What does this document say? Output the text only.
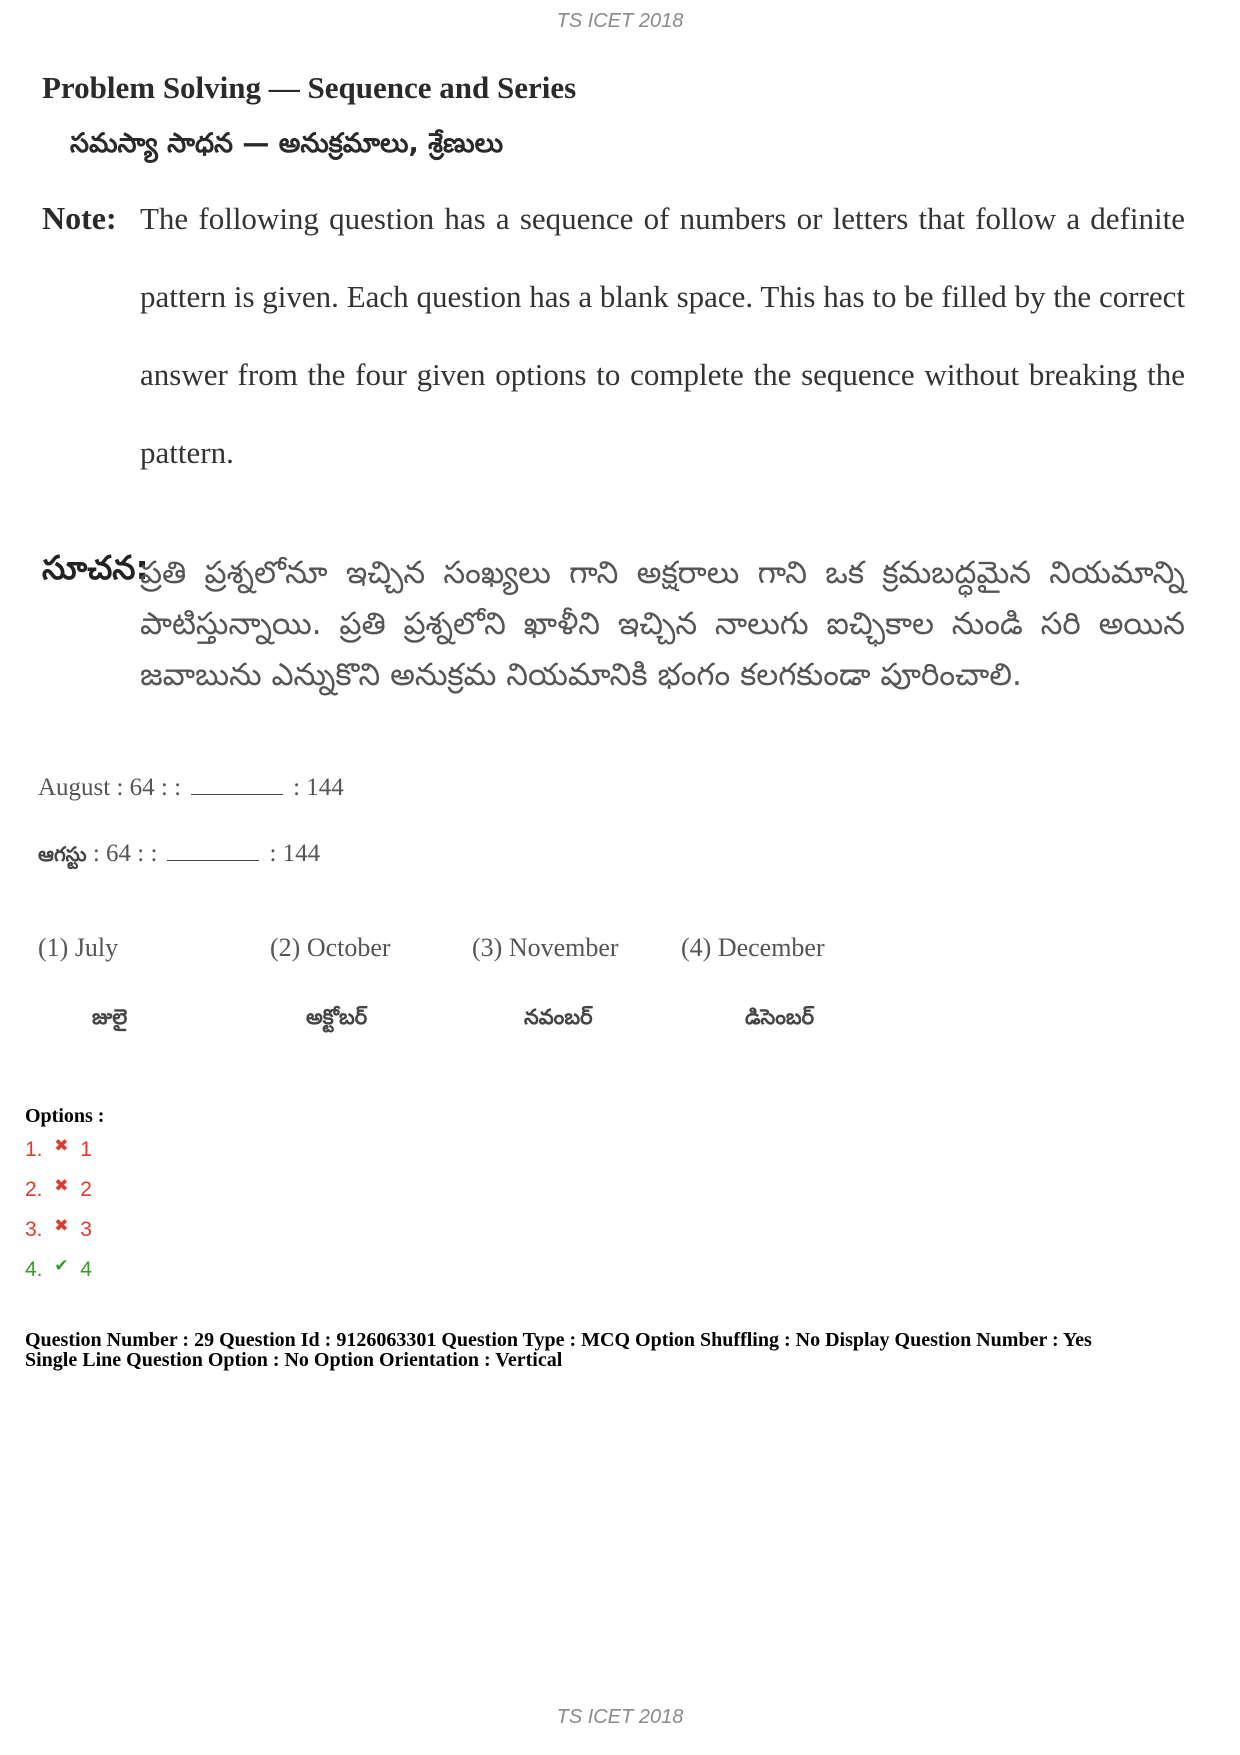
TS ICET 2018
Problem Solving — Sequence and Series
సమస్యా సాధన — అనుక్రమాలు, శ్రేణులు
Note: The following question has a sequence of numbers or letters that follow a definite pattern is given. Each question has a blank space. This has to be filled by the correct answer from the four given options to complete the sequence without breaking the pattern.
సూచన:
ప్రతి ప్రశ్నలోనూ ఇచ్చిన సంఖ్యలు గాని అక్షరాలు గాని ఒక క్రమబద్ధమైన నియమాన్ని పాటిస్తున్నాయి. ప్రతి ప్రశ్నలోని ఖాళీని ఇచ్చిన నాలుగు ఐచ్ఛికాల నుండి సరి అయిన జవాబును ఎన్నుకొని అనుక్రమ నియమానికి భంగం కలగకుండా పూరించాలి.
August : 64 : :	: 144
ఆగస్టు : 64 : :	: 144
(1) July	(2) October	(3) November (4) December
జులై	అక్టోబర్	నవంబర్	డిసెంబర్
Options :
1. ✖ 1
2. ✖ 2
3. ✖ 3
4. ✔ 4
Question Number : 29 Question Id : 9126063301 Question Type : MCQ Option Shuffling : No Display Question Number : Yes
Single Line Question Option : No Option Orientation : Vertical
TS ICET 2018
